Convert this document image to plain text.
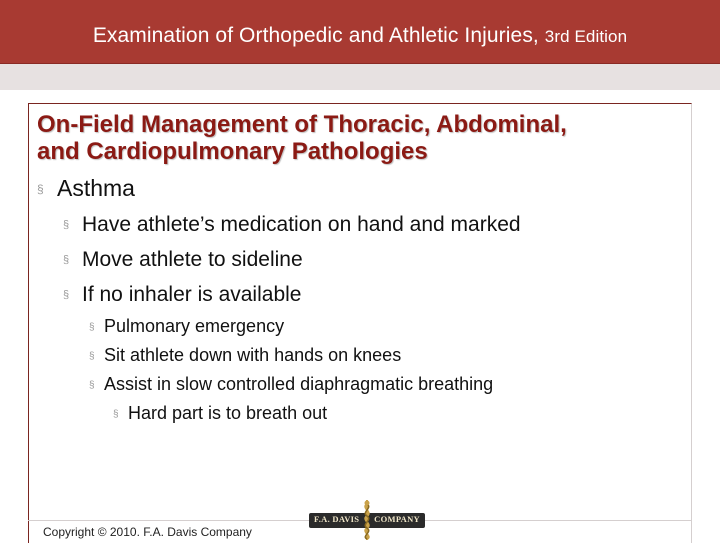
Examination of Orthopedic and Athletic Injuries, 3rd Edition
On-Field Management of Thoracic, Abdominal,
and Cardiopulmonary Pathologies
§ Asthma
§ Have athlete’s medication on hand and marked
§ Move athlete to sideline
§ If no inhaler is available
§ Pulmonary emergency
§ Sit athlete down with hands on knees
§ Assist in slow controlled diaphragmatic breathing
§ Hard part is to breath out
Copyright © 2010. F.A. Davis Company
F.A. DAVIS COMPANY
